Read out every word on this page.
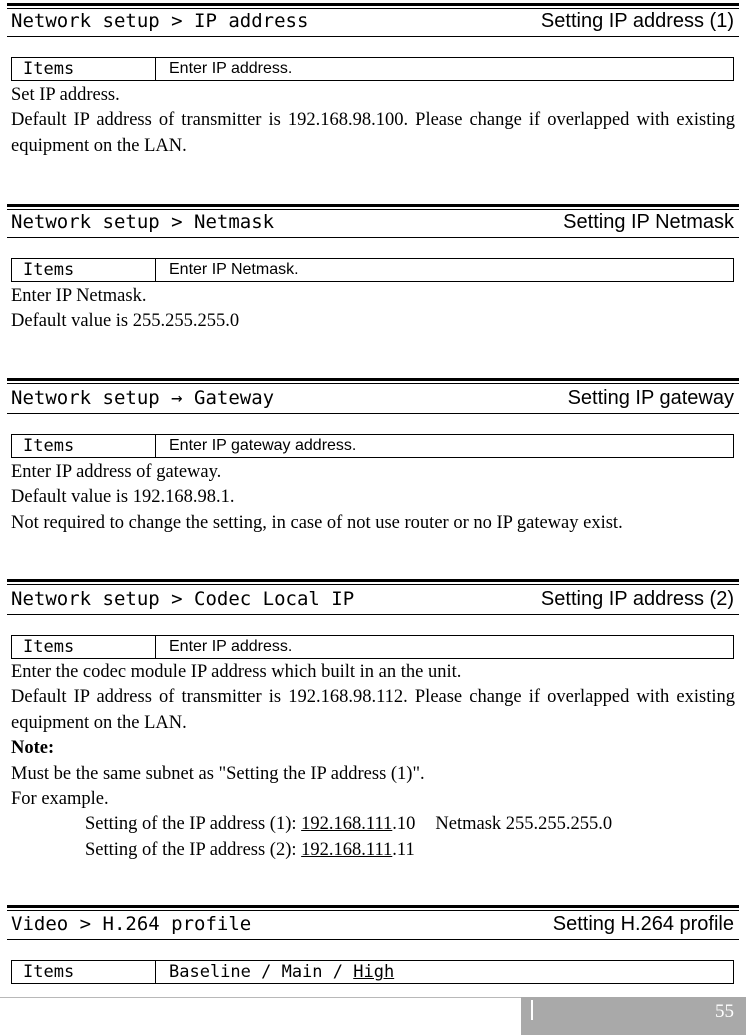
Network setup > IP address	Setting IP address (1)
Items	Enter IP address.

Set IP address.

Default IP address of transmitter is 192.168.98.100. Please change if overlapped with existing equipment on the LAN.

Network setup > Netmask	Setting IP Netmask
Items	Enter IP Netmask.

Enter IP Netmask.

Default value is 255.255.255.0

Network setup → Gateway	Setting IP gateway
Items	Enter IP gateway address.

Enter IP address of gateway.

Default value is 192.168.98.1.

Not required to change the setting, in case of not use router or no IP gateway exist.

Network setup > Codec Local IP	Setting IP address (2)
Items	Enter IP address.

Enter the codec module IP address which built in an the unit.

Default IP address of transmitter is 192.168.98.112. Please change if overlapped with existing equipment on the LAN.

Note:

Must be the same subnet as "Setting the IP address (1)".

For example.

Setting of the IP address (1): 192.168.111.10 Netmask 255.255.255.0

Setting of the IP address (2): 192.168.111.11

Video > H.264 profile	Setting H.264 profile
Items	Baseline / Main / High
55
